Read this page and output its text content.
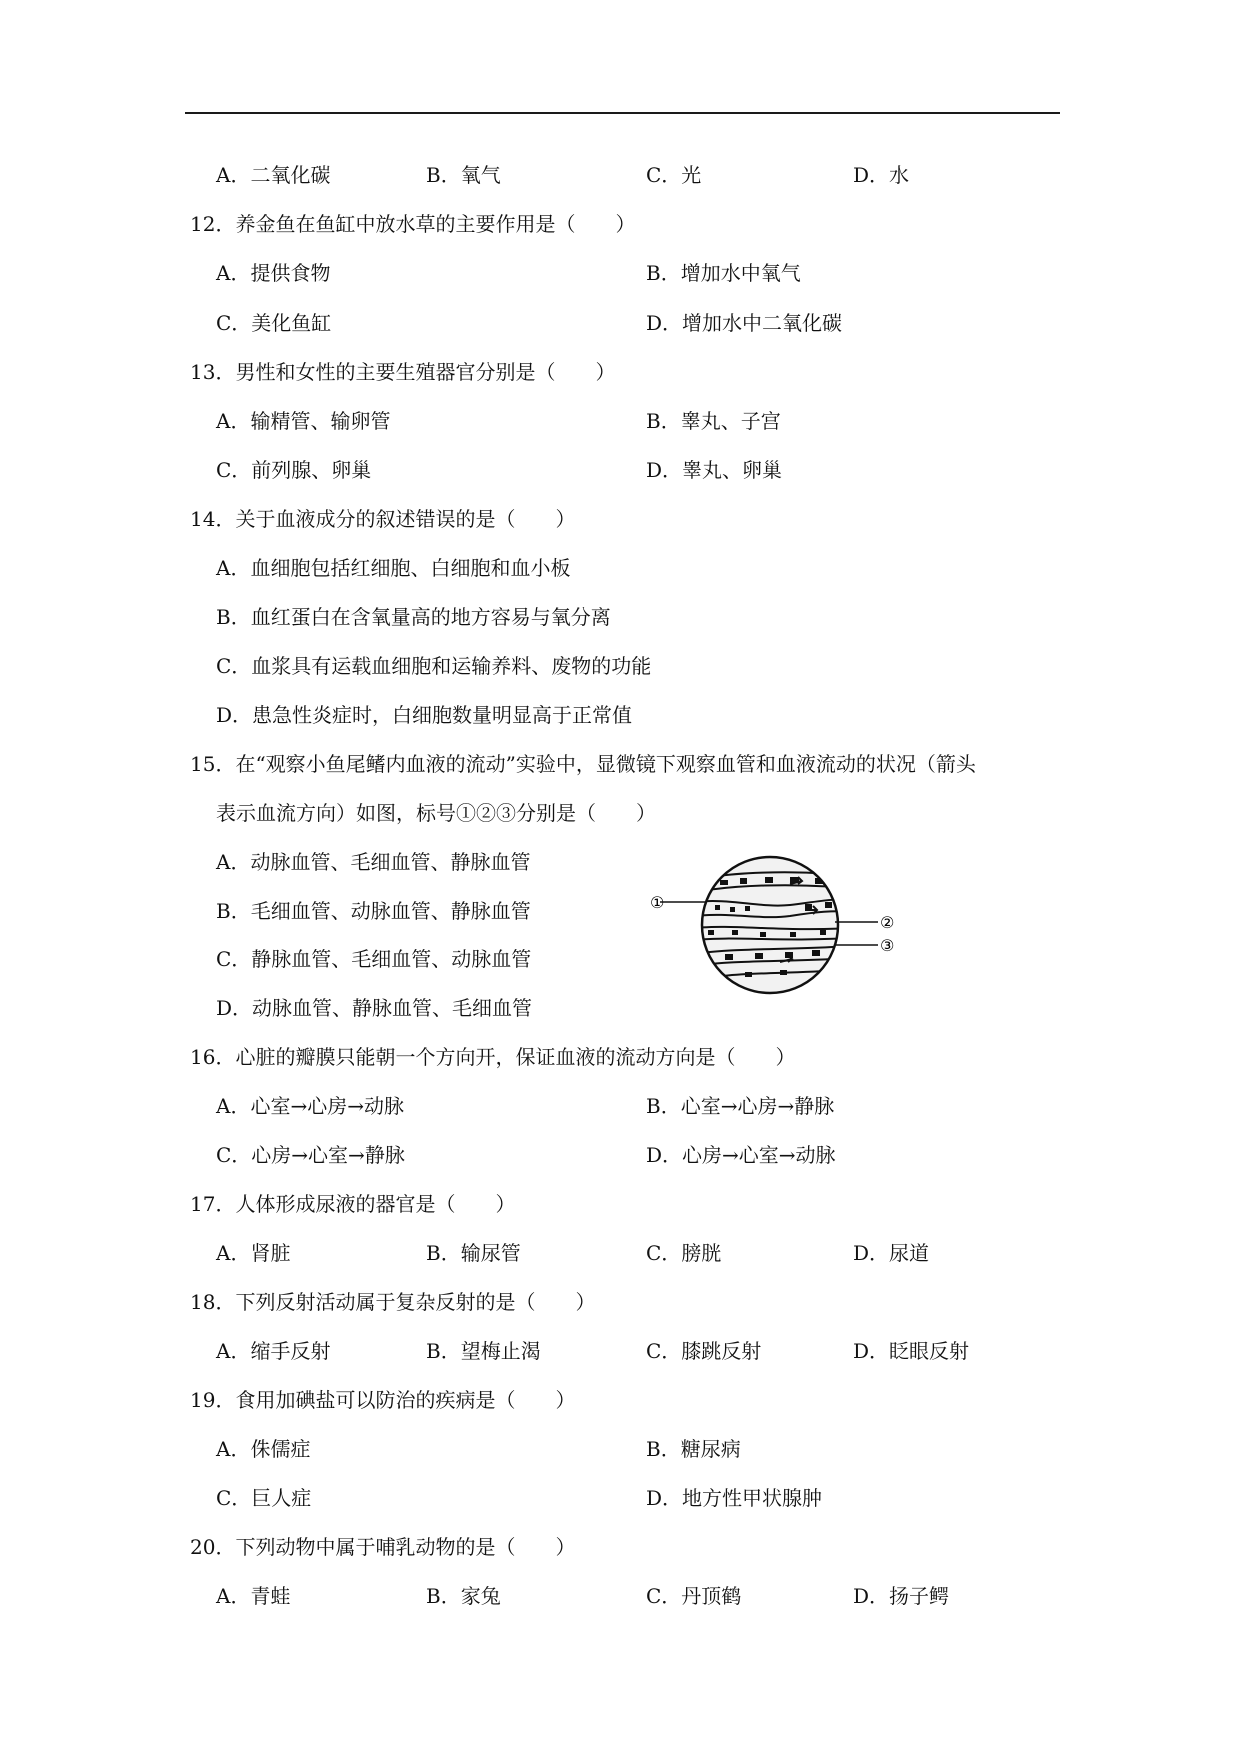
A．二氧化碳	B．氧气	C．光	D．水
12．养金鱼在鱼缸中放水草的主要作用是（　　）
A．提供食物	B．增加水中氧气
C．美化鱼缸	D．增加水中二氧化碳
13．男性和女性的主要生殖器官分别是（　　）
A．输精管、输卵管	B．睾丸、子宫
C．前列腺、卵巢	D．睾丸、卵巢
14．关于血液成分的叙述错误的是（　　）
A．血细胞包括红细胞、白细胞和血小板
B．血红蛋白在含氧量高的地方容易与氧分离
C．血浆具有运载血细胞和运输养料、废物的功能
D．患急性炎症时，白细胞数量明显高于正常值
15．在“观察小鱼尾鳍内血液的流动”实验中，显微镜下观察血管和血液流动的状况（箭头
表示血流方向）如图，标号①②③分别是（　　）
A．动脉血管、毛细血管、静脉血管
B．毛细血管、动脉血管、静脉血管
C．静脉血管、毛细血管、动脉血管
D．动脉血管、静脉血管、毛细血管
①
②
③
16．心脏的瓣膜只能朝一个方向开，保证血液的流动方向是（　　）
A．心室→心房→动脉	B．心室→心房→静脉
C．心房→心室→静脉	D．心房→心室→动脉
17．人体形成尿液的器官是（　　）
A．肾脏	B．输尿管	C．膀胱	D．尿道
18．下列反射活动属于复杂反射的是（　　）
A．缩手反射	B．望梅止渴	C．膝跳反射	D．眨眼反射
19．食用加碘盐可以防治的疾病是（　　）
A．侏儒症	B．糖尿病
C．巨人症	D．地方性甲状腺肿
20．下列动物中属于哺乳动物的是（　　）
A．青蛙	B．家兔	C．丹顶鹤	D．扬子鳄
